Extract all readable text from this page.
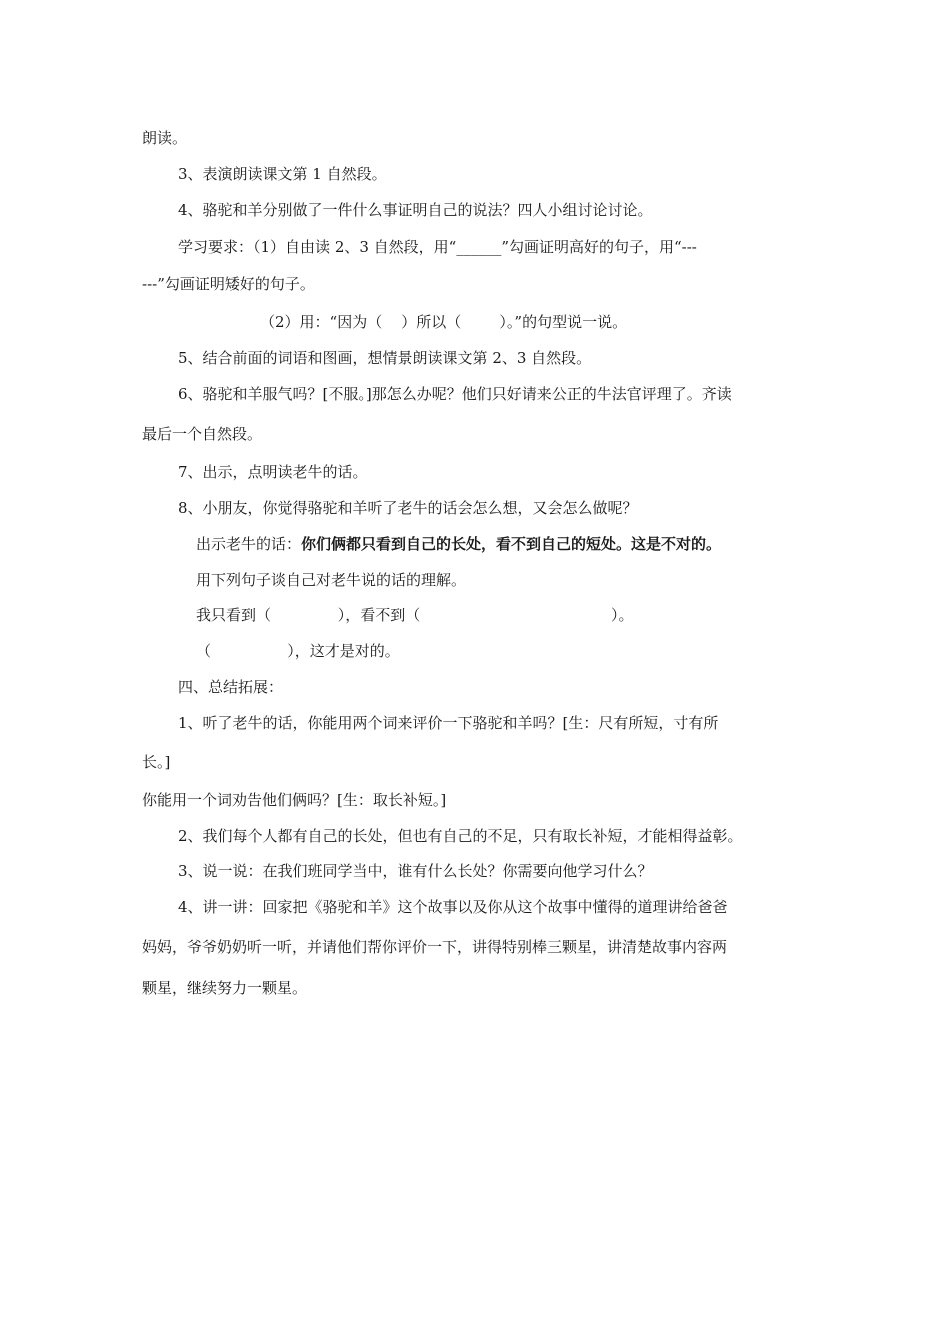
朗读。
3、表演朗读课文第 1 自然段。
4、骆驼和羊分别做了一件什么事证明自己的说法？四人小组讨论讨论。
学习要求：（1）自由读 2、3 自然段，用“______”勾画证明高好的句子，用“---
---”勾画证明矮好的句子。
（2）用：“因为（    ）所以（        ）。”的句型说一说。
5、结合前面的词语和图画，想情景朗读课文第 2、3 自然段。
6、骆驼和羊服气吗？[不服。]那怎么办呢？他们只好请来公正的牛法官评理了。齐读
最后一个自然段。
7、出示，点明读老牛的话。
8、小朋友，你觉得骆驼和羊听了老牛的话会怎么想，又会怎么做呢？
出示老牛的话：你们俩都只看到自己的长处，看不到自己的短处。这是不对的。
用下列句子谈自己对老牛说的话的理解。
我只看到（              ），看不到（                                        ）。
（                ），这才是对的。
四、总结拓展：
1、听了老牛的话，你能用两个词来评价一下骆驼和羊吗？[生：尺有所短，寸有所
长。]
你能用一个词劝告他们俩吗？[生：取长补短。]
2、我们每个人都有自己的长处，但也有自己的不足，只有取长补短，才能相得益彰。
3、说一说：在我们班同学当中，谁有什么长处？你需要向他学习什么？
4、讲一讲：回家把《骆驼和羊》这个故事以及你从这个故事中懂得的道理讲给爸爸
妈妈，爷爷奶奶听一听，并请他们帮你评价一下，讲得特别棒三颗星，讲清楚故事内容两
颗星，继续努力一颗星。
